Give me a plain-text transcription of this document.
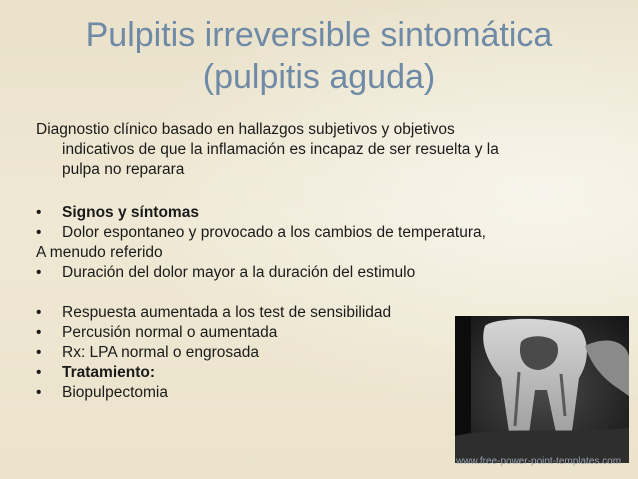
Pulpitis irreversible sintomática
(pulpitis aguda)

Diagnostio clínico basado en hallazgos subjetivos y objetivos
indicativos de que la inflamación es incapaz de ser resuelta y la
pulpa no reparara

• Signos y síntomas

• Dolor espontaneo y provocado a los cambios de temperatura,

A menudo referido

• Duración del dolor mayor a la duración del estimulo

• Respuesta aumentada a los test de sensibilidad

• Percusión normal o aumentada

• Rx: LPA normal o engrosada

• Tratamiento:

• Biopulpectomia

www.free-power-point-templates.com
